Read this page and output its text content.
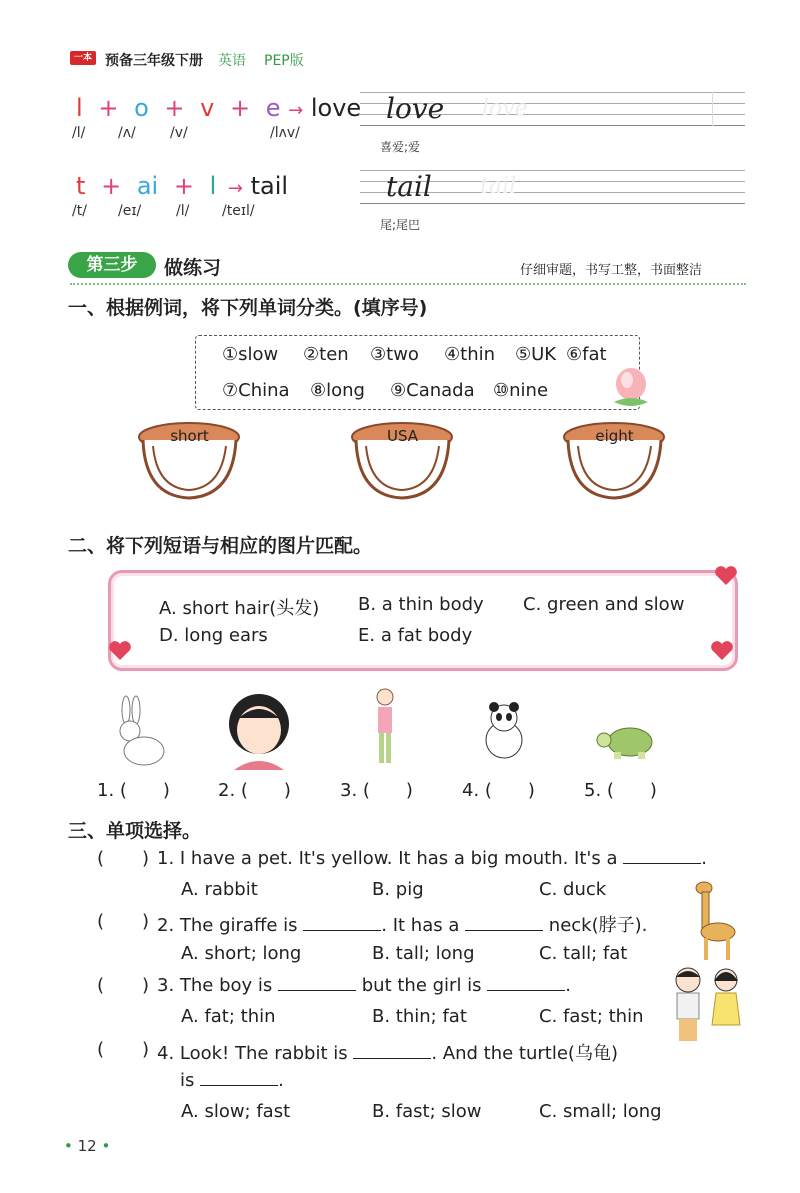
一本 预备三年级下册 英语 PEP版
l + o + v + e → love
/l/ /ʌ/ /v/	/lʌv/
t + ai + l → tail
/t/ /eɪ/ /l/ /teɪl/
love love
喜爱;爱
tail tail
尾;尾巴
第三步	做练习	仔细审题，书写工整，书面整洁
一、根据例词，将下列单词分类。(填序号)
①slow ②ten ③two ④thin ⑤UK ⑥fat
⑦China ⑧long ⑨Canada ⑩nine
short	USA	eight
二、将下列短语与相应的图片匹配。
A. short hair(头发) B. a thin body C. green and slow
D. long ears	E. a fat body
1. ( )	2. ( )	3. ( )	4. ( )	5. ( )
三、单项选择。
( ) 1. I have a pet. It's yellow. It has a big mouth. It's a	.
A. rabbit	B. pig	C. duck
( ) 2. The giraffe is	. It has a	neck(脖子).
A. short; long	B. tall; long	C. tall; fat
( ) 3. The boy is	but the girl is	.
A. fat; thin	B. thin; fat	C. fast; thin
( ) 4. Look! The rabbit is	. And the turtle(乌龟)
is	.
A. slow; fast	B. fast; slow	C. small; long
• 12 •
